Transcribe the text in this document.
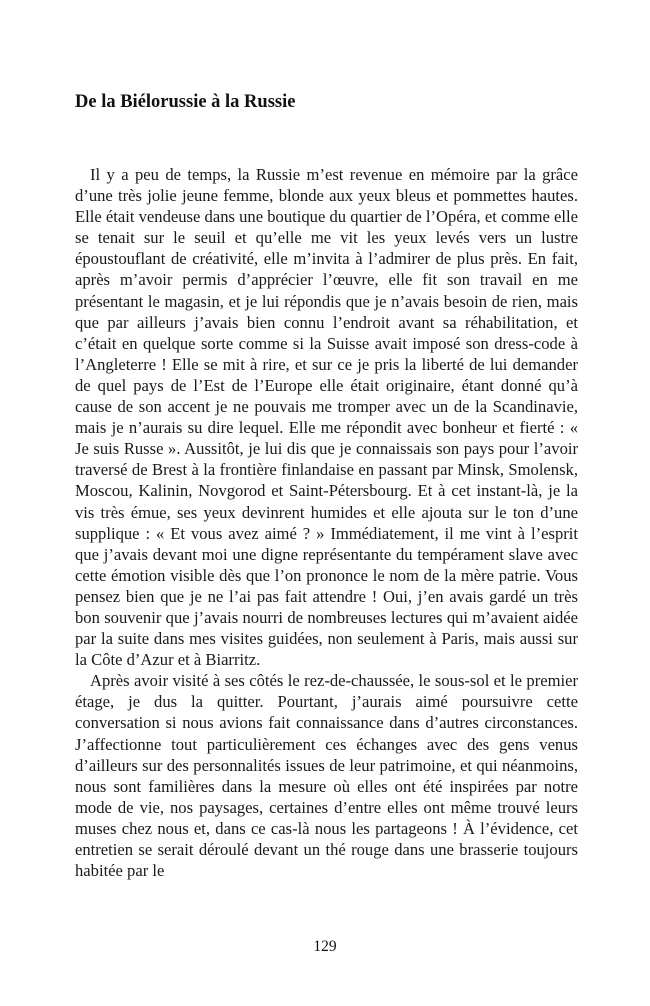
De la Biélorussie à la Russie

Il y a peu de temps, la Russie m’est revenue en mémoire par la grâce d’une très jolie jeune femme, blonde aux yeux bleus et pommettes hautes. Elle était vendeuse dans une boutique du quartier de l’Opéra, et comme elle se tenait sur le seuil et qu’elle me vit les yeux levés vers un lustre époustouflant de créativité, elle m’invita à l’admirer de plus près. En fait, après m’avoir permis d’apprécier l’œuvre, elle fit son travail en me présentant le magasin, et je lui répondis que je n’avais besoin de rien, mais que par ailleurs j’avais bien connu l’endroit avant sa réhabilitation, et c’était en quelque sorte comme si la Suisse avait imposé son dress-code à l’Angleterre ! Elle se mit à rire, et sur ce je pris la liberté de lui demander de quel pays de l’Est de l’Europe elle était originaire, étant donné qu’à cause de son accent je ne pouvais me tromper avec un de la Scandinavie, mais je n’aurais su dire lequel. Elle me répondit avec bonheur et fierté : « Je suis Russe ». Aussitôt, je lui dis que je connaissais son pays pour l’avoir traversé de Brest à la frontière finlandaise en passant par Minsk, Smolensk, Moscou, Kalinin, Novgorod et Saint-Pétersbourg. Et à cet instant-là, je la vis très émue, ses yeux devinrent humides et elle ajouta sur le ton d’une supplique : « Et vous avez aimé ? » Immédiatement, il me vint à l’esprit que j’avais devant moi une digne représentante du tempérament slave avec cette émotion visible dès que l’on prononce le nom de la mère patrie. Vous pensez bien que je ne l’ai pas fait attendre ! Oui, j’en avais gardé un très bon souvenir que j’avais nourri de nombreuses lectures qui m’avaient aidée par la suite dans mes visites guidées, non seulement à Paris, mais aussi sur la Côte d’Azur et à Biarritz.

Après avoir visité à ses côtés le rez-de-chaussée, le sous-sol et le premier étage, je dus la quitter. Pourtant, j’aurais aimé poursuivre cette conversation si nous avions fait connaissance dans d’autres circonstances. J’affectionne tout particulièrement ces échanges avec des gens venus d’ailleurs sur des personnalités issues de leur patrimoine, et qui néanmoins, nous sont familières dans la mesure où elles ont été inspirées par notre mode de vie, nos paysages, certaines d’entre elles ont même trouvé leurs muses chez nous et, dans ce cas-là nous les partageons ! À l’évidence, cet entretien se serait déroulé devant un thé rouge dans une brasserie toujours habitée par le

129
